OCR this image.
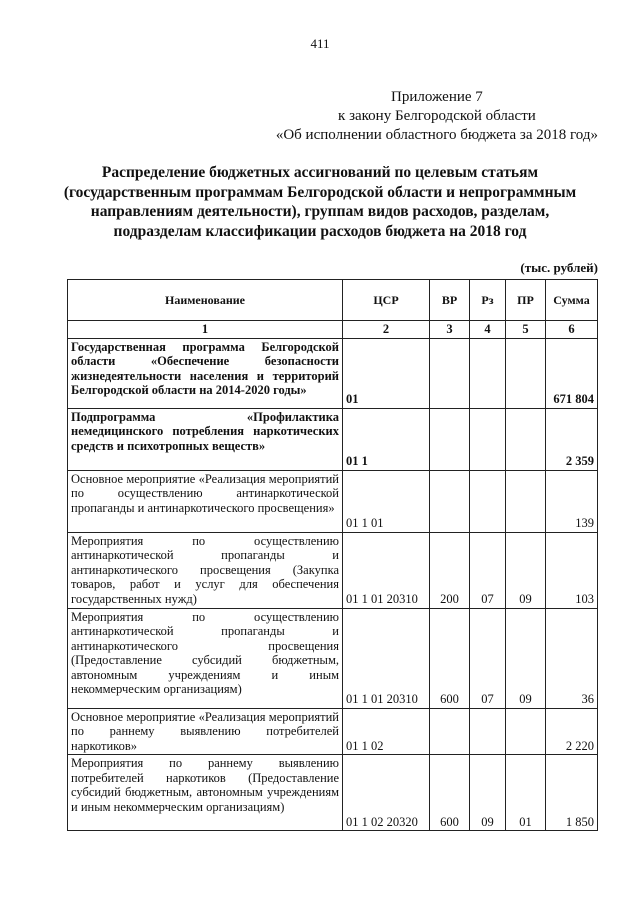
411
Приложение 7
к закону Белгородской области
«Об исполнении областного бюджета за 2018 год»
Распределение бюджетных ассигнований по целевым статьям
(государственным программам Белгородской области и непрограммным
направлениям деятельности), группам видов расходов, разделам,
подразделам классификации расходов бюджета на 2018 год
(тыс. рублей)
Наименование	ЦСР	ВР	Рз	ПР	Сумма
1	2	3	4	5	6
Государственная программа Белгородской области «Обеспечение безопасности жизнедеятельности населения и территорий Белгородской области на 2014-2020 годы»	01				671 804
Подпрограмма «Профилактика немедицинского потребления наркотических средств и психотропных веществ»	01 1				2 359
Основное мероприятие «Реализация мероприятий по осуществлению антинаркотической пропаганды и антинаркотического просвещения»	01 1 01				139
Мероприятия по осуществлению антинаркотической пропаганды и антинаркотического просвещения (Закупка товаров, работ и услуг для обеспечения государственных нужд)	01 1 01 20310	200	07	09	103
Мероприятия по осуществлению антинаркотической пропаганды и антинаркотического просвещения (Предоставление субсидий бюджетным, автономным учреждениям и иным некоммерческим организациям)	01 1 01 20310	600	07	09	36
Основное мероприятие «Реализация мероприятий по раннему выявлению потребителей наркотиков»	01 1 02				2 220
Мероприятия по раннему выявлению потребителей наркотиков (Предоставление субсидий бюджетным, автономным учреждениям и иным некоммерческим организациям)	01 1 02 20320	600	09	01	1 850
